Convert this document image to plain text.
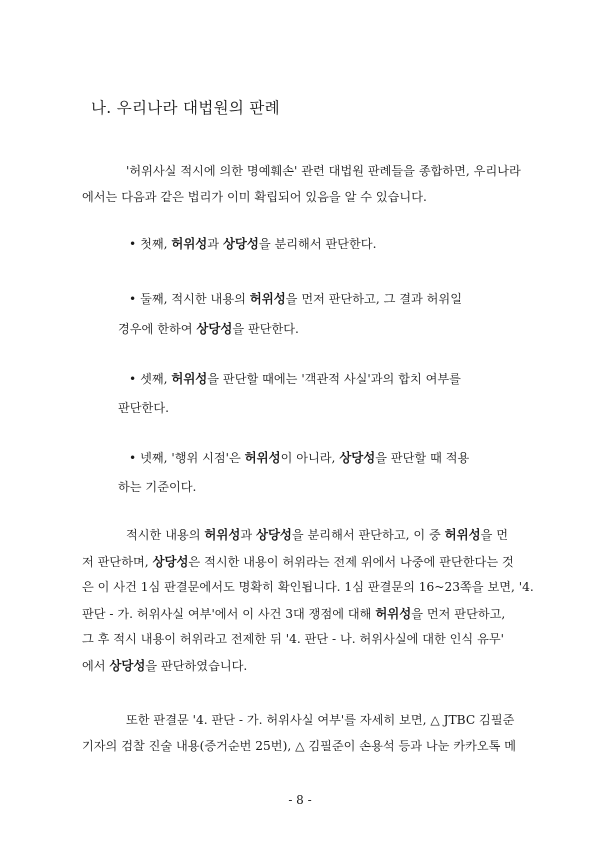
나. 우리나라 대법원의 판례
'허위사실 적시에 의한 명예훼손' 관련 대법원 판례들을 종합하면, 우리나라
에서는 다음과 같은 법리가 이미 확립되어 있음을 알 수 있습니다.
• 첫째, 허위성과 상당성을 분리해서 판단한다.
• 둘째, 적시한 내용의 허위성을 먼저 판단하고, 그 결과 허위일
경우에 한하여 상당성을 판단한다.
• 셋째, 허위성을 판단할 때에는 '객관적 사실'과의 합치 여부를
판단한다.
• 넷째, '행위 시점'은 허위성이 아니라, 상당성을 판단할 때 적용
하는 기준이다.
적시한 내용의 허위성과 상당성을 분리해서 판단하고, 이 중 허위성을 먼
저 판단하며, 상당성은 적시한 내용이 허위라는 전제 위에서 나중에 판단한다는 것
은 이 사건 1심 판결문에서도 명확히 확인됩니다. 1심 판결문의 16~23쪽을 보면, '4.
판단 - 가. 허위사실 여부'에서 이 사건 3대 쟁점에 대해 허위성을 먼저 판단하고,
그 후 적시 내용이 허위라고 전제한 뒤 '4. 판단 - 나. 허위사실에 대한 인식 유무'
에서 상당성을 판단하였습니다.
또한 판결문 '4. 판단 - 가. 허위사실 여부'를 자세히 보면, △ JTBC 김필준
기자의 검찰 진술 내용(증거순번 25번), △ 김필준이 손용석 등과 나눈 카카오톡 메
- 8 -
